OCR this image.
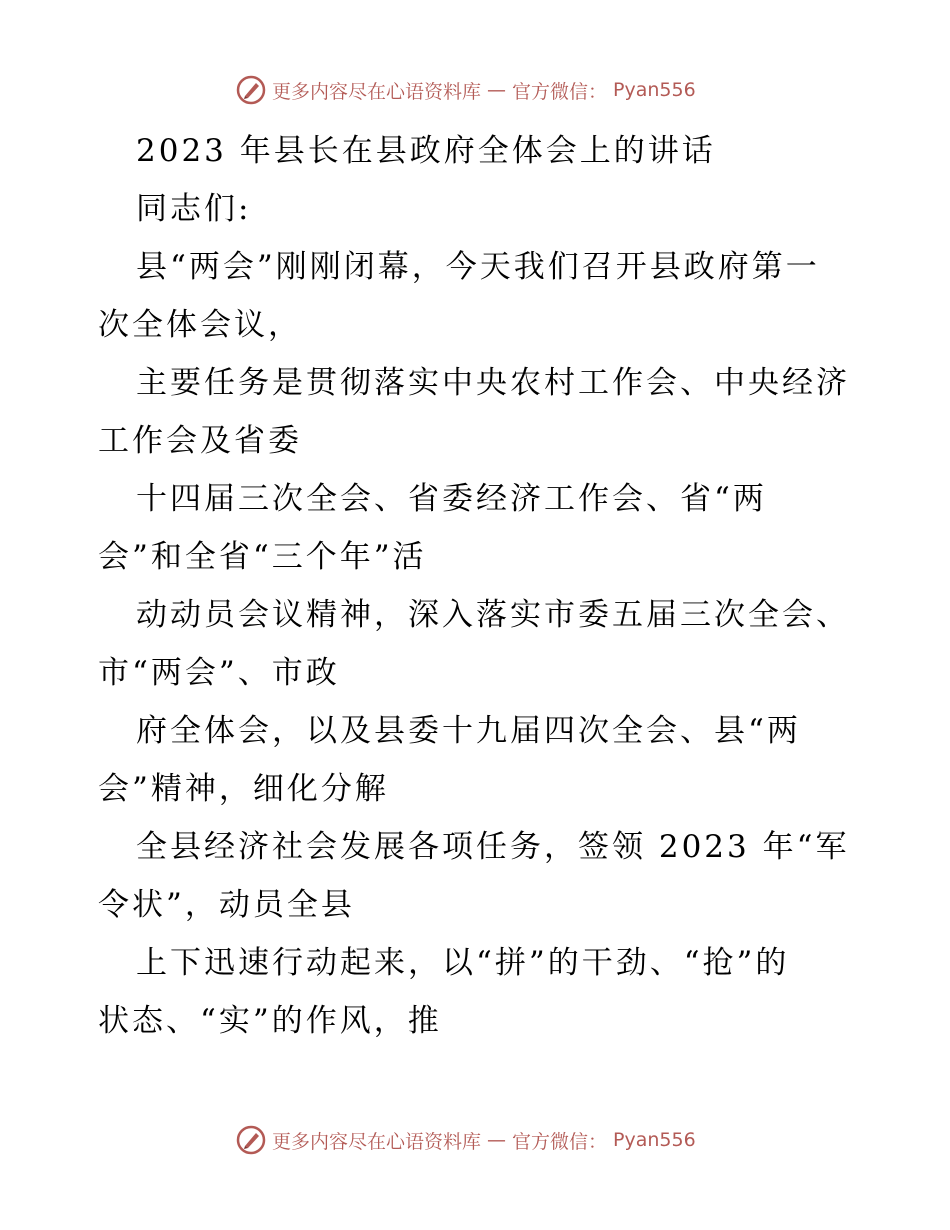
更多内容尽在心语资料库 — 官方微信： Pyan556
2023 年县长在县政府全体会上的讲话
同志们:
县“两会”刚刚闭幕，今天我们召开县政府第一
次全体会议，
主要任务是贯彻落实中央农村工作会、中央经济
工作会及省委
十四届三次全会、省委经济工作会、省“两
会”和全省“三个年”活
动动员会议精神，深入落实市委五届三次全会、
市“两会”、市政
府全体会，以及县委十九届四次全会、县“两
会”精神，细化分解
全县经济社会发展各项任务，签领 2023 年“军
令状”，动员全县
上下迅速行动起来，以“拼”的干劲、“抢”的
状态、“实”的作风，推
更多内容尽在心语资料库 — 官方微信： Pyan556
